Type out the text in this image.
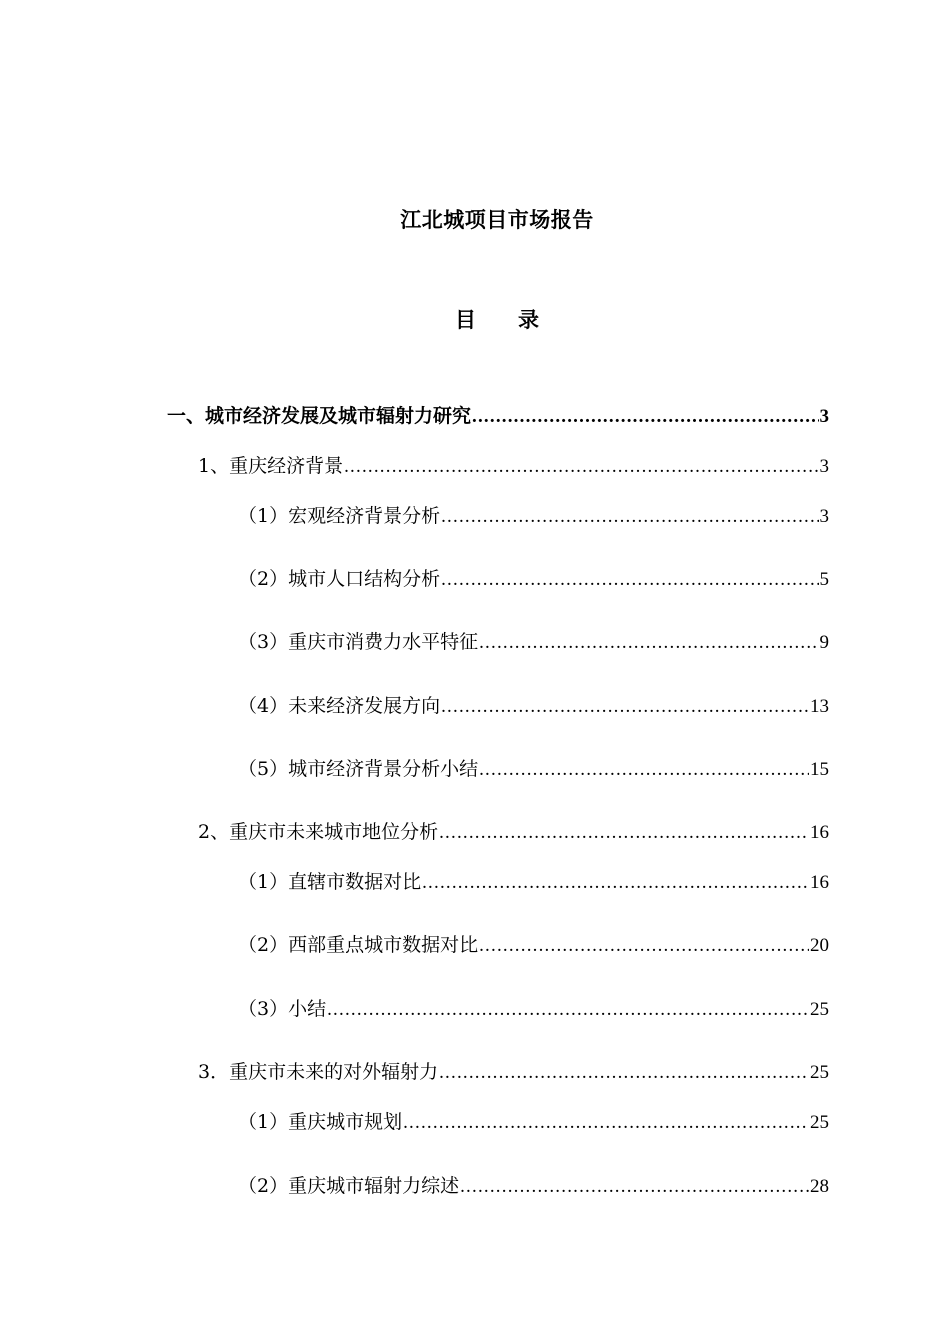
江北城项目市场报告
目 录
一、城市经济发展及城市辐射力研究 .....	3
1、重庆经济背景 .....	3
（1）宏观经济背景分析 .....	3
（2）城市人口结构分析 .....	5
（3）重庆市消费力水平特征 .....	9
（4）未来经济发展方向 .....	13
（5）城市经济背景分析小结 .....	15
2、重庆市未来城市地位分析 .....	16
（1）直辖市数据对比 .....	16
（2）西部重点城市数据对比 .....	20
（3）小结 .....	25
3．重庆市未来的对外辐射力 .....	25
（1）重庆城市规划 .....	25
（2）重庆城市辐射力综述 .....	28
